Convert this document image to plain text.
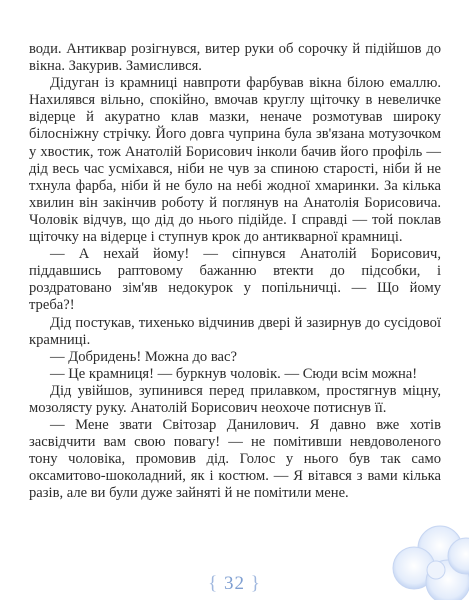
води. Антиквар розігнувся, витер руки об сорочку й підійшов до вікна. Закурив. Замислився.

Дідуган із крамниці навпроти фарбував вікна білою емаллю. Нахилявся вільно, спокійно, вмочав круглу щіточку в невеличке відерце й акуратно клав мазки, неначе розмотував широку білосніжну стрічку. Його довга чуприна була зв'язана мотузочком у хвостик, тож Анатолій Борисович інколи бачив його профіль — дід весь час усміхався, ніби не чув за спиною старості, ніби й не тхнула фарба, ніби й не було на небі жодної хмаринки. За кілька хвилин він закінчив роботу й поглянув на Анатолія Борисовича. Чоловік відчув, що дід до нього підійде. І справді — той поклав щіточку на відерце і ступнув крок до антикварної крамниці.

— А нехай йому! — сіпнувся Анатолій Борисович, піддавшись раптовому бажанню втекти до підсобки, і роздратовано зім'яв недокурок у попільничці. — Що йому треба?!

Дід постукав, тихенько відчинив двері й зазирнув до сусідової крамниці.

— Добридень! Можна до вас?

— Це крамниця! — буркнув чоловік. — Сюди всім можна!

Дід увійшов, зупинився перед прилавком, простягнув міцну, мозолясту руку. Анатолій Борисович неохоче потиснув її.

— Мене звати Світозар Данилович. Я давно вже хотів засвідчити вам свою повагу! — не помітивши невдоволеного тону чоловіка, промовив дід. Голос у нього був так само оксамитово-шоколадний, як і костюм. — Я вітався з вами кілька разів, але ви були дуже зайняті й не помітили мене.

{ 32 }
